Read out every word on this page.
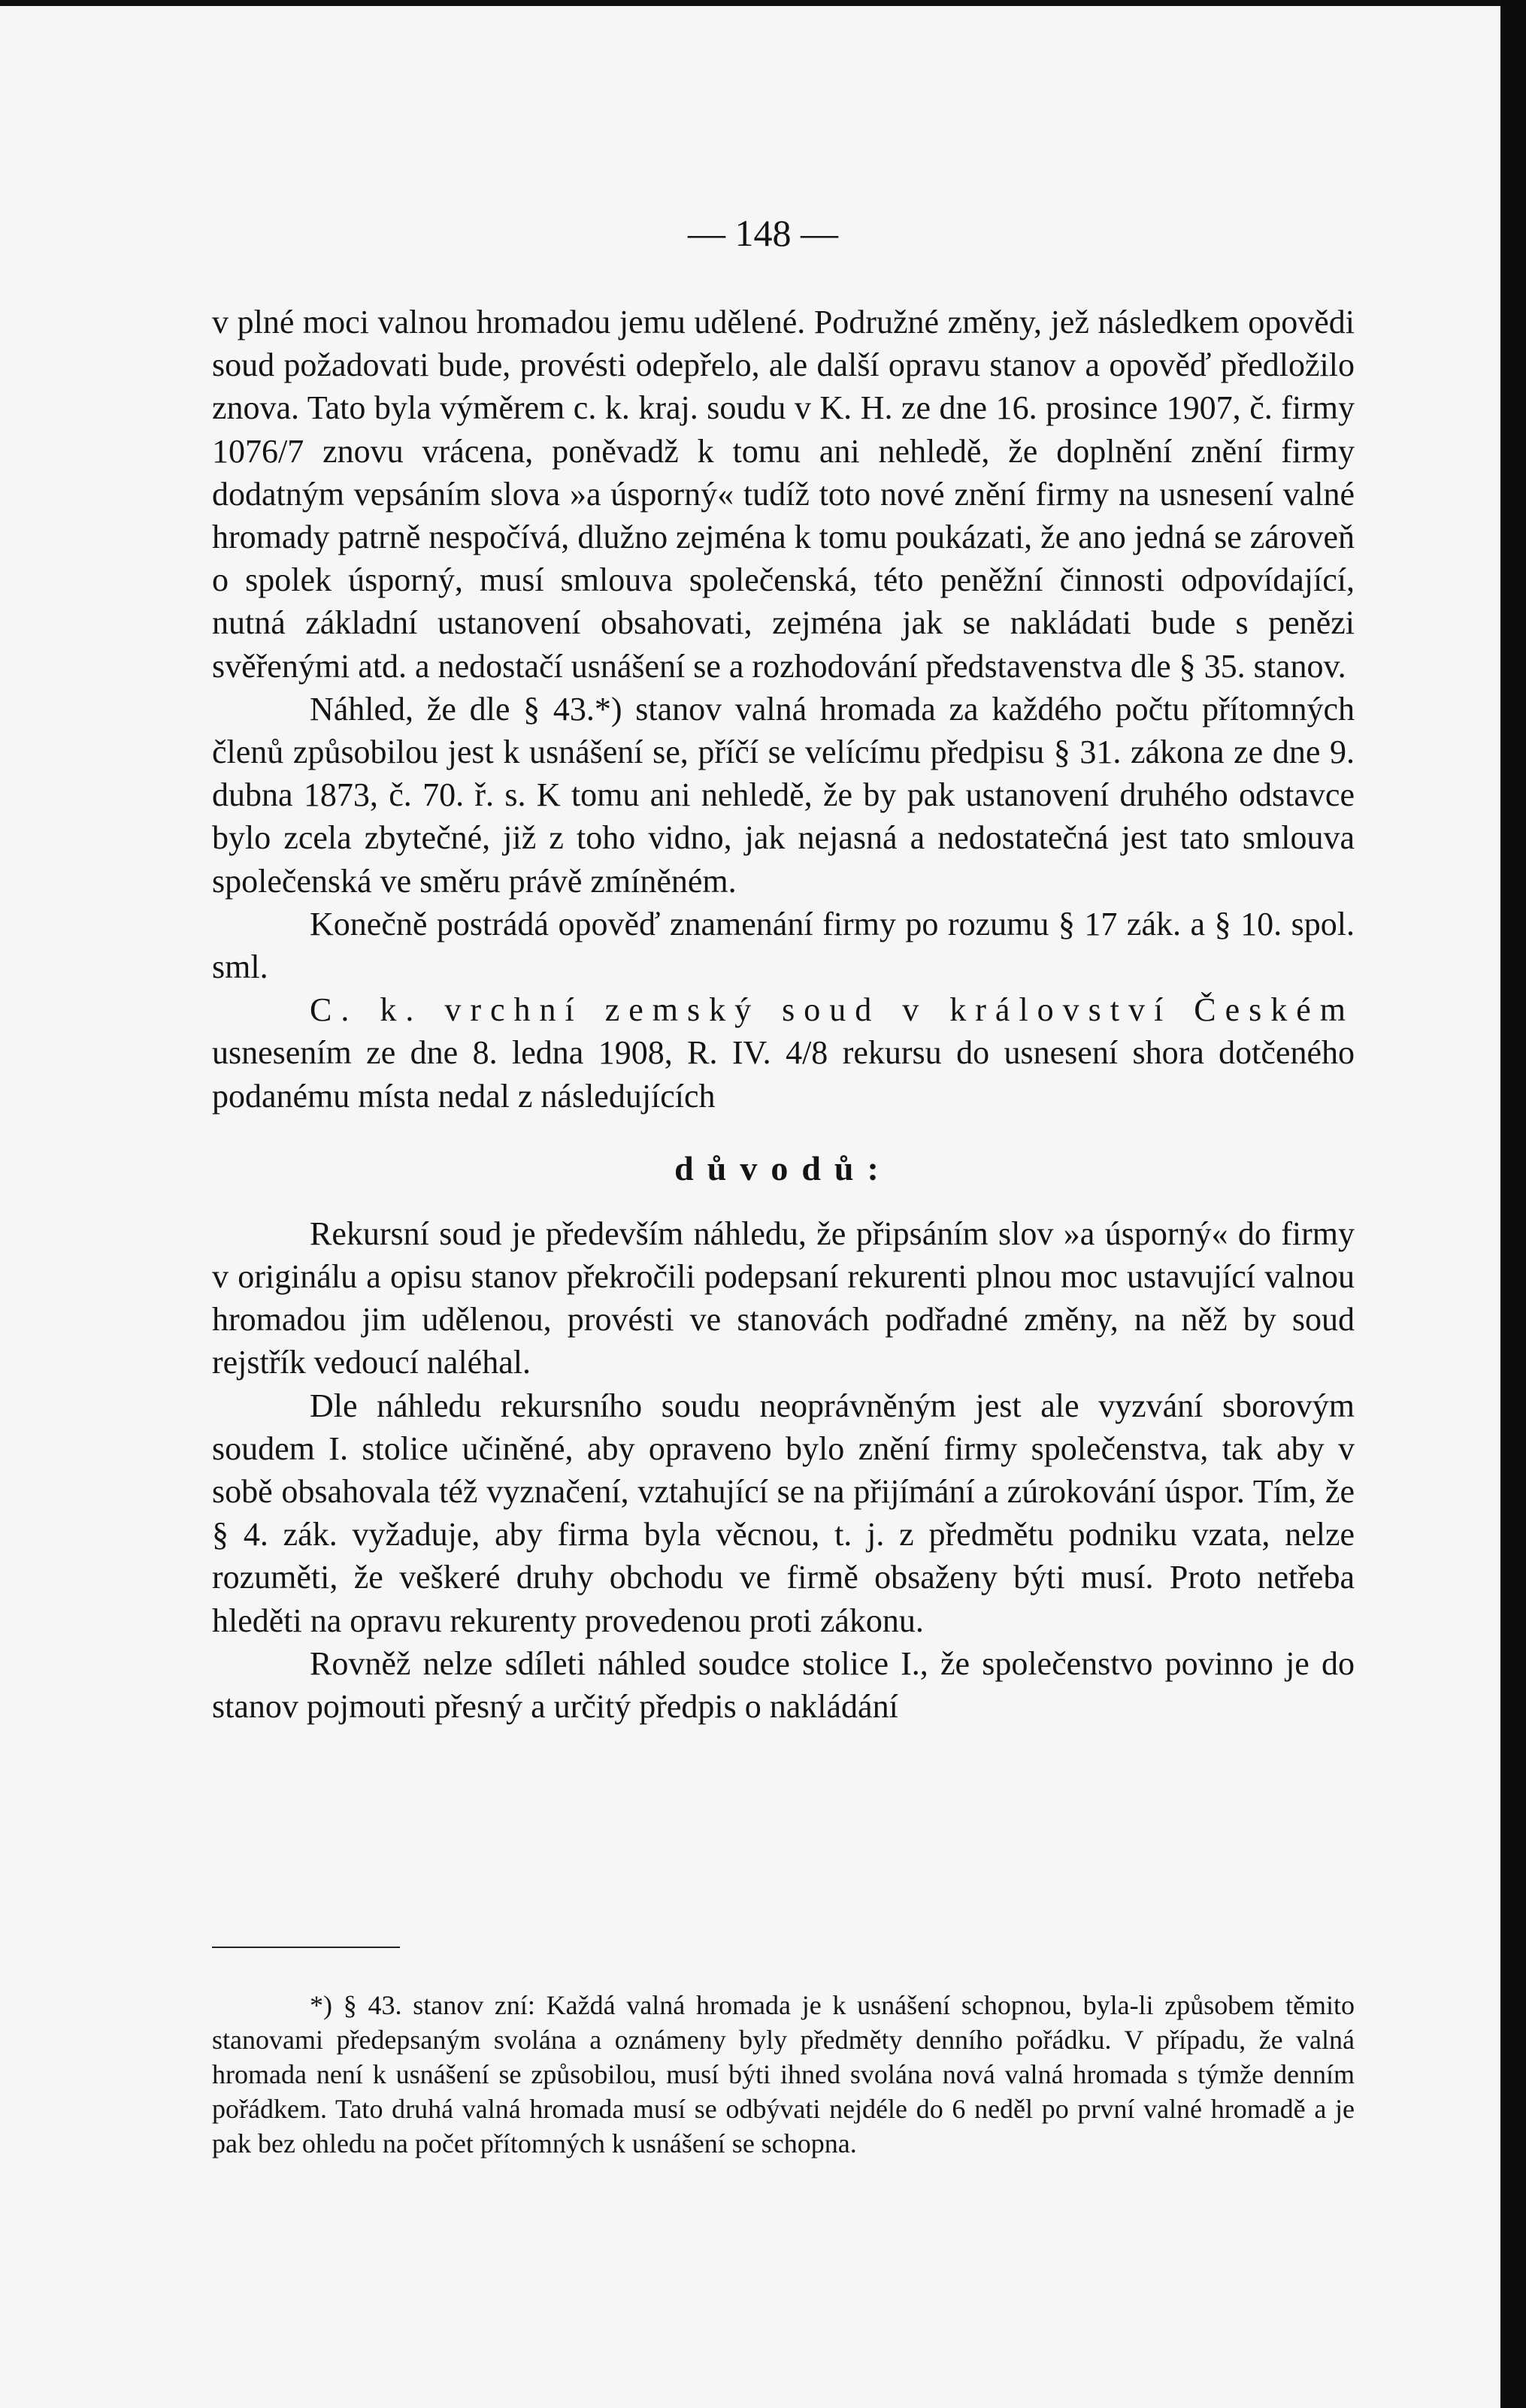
— 148 —

v plné moci valnou hromadou jemu udělené. Podružné změny, jež následkem opovědi soud požadovati bude, provésti odepřelo, ale další opravu stanov a opověď předložilo znova. Tato byla výměrem c. k. kraj. soudu v K. H. ze dne 16. prosince 1907, č. firmy 1076/7 znovu vrácena, poněvadž k tomu ani nehledě, že doplnění znění firmy dodatným vepsáním slova »a úsporný« tudíž toto nové znění firmy na usnesení valné hromady patrně nespočívá, dlužno zejména k tomu poukázati, že ano jedná se zároveň o spolek úsporný, musí smlouva společenská, této peněžní činnosti odpovídající, nutná základní ustanovení obsahovati, zejména jak se nakládati bude s penězi svěřenými atd. a nedostačí usnášení se a rozhodování představenstva dle § 35. stanov.

Náhled, že dle § 43.*) stanov valná hromada za každého počtu přítomných členů způsobilou jest k usnášení se, příčí se velícímu předpisu § 31. zákona ze dne 9. dubna 1873, č. 70. ř. s. K tomu ani nehledě, že by pak ustanovení druhého odstavce bylo zcela zbytečné, již z toho vidno, jak nejasná a nedostatečná jest tato smlouva společenská ve směru právě zmíněném.

Konečně postrádá opověď znamenání firmy po rozumu § 17 zák. a § 10. spol. sml.

C. k. vrchní zemský soud v království Českém usnesením ze dne 8. ledna 1908, R. IV. 4/8 rekursu do usnesení shora dotčeného podanému místa nedal z následujících

důvodů:

Rekursní soud je především náhledu, že připsáním slov »a úsporný« do firmy v originálu a opisu stanov překročili podepsaní rekurenti plnou moc ustavující valnou hromadou jim udělenou, provésti ve stanovách podřadné změny, na něž by soud rejstřík vedoucí naléhal.

Dle náhledu rekursního soudu neoprávněným jest ale vyzvání sborovým soudem I. stolice učiněné, aby opraveno bylo znění firmy společenstva, tak aby v sobě obsahovala též vyznačení, vztahující se na přijímání a zúrokování úspor. Tím, že § 4. zák. vyžaduje, aby firma byla věcnou, t. j. z předmětu podniku vzata, nelze rozuměti, že veškeré druhy obchodu ve firmě obsaženy býti musí. Proto netřeba hleděti na opravu rekurenty provedenou proti zákonu.

Rovněž nelze sdíleti náhled soudce stolice I., že společenstvo povinno je do stanov pojmouti přesný a určitý předpis o nakládání

*) § 43. stanov zní: Každá valná hromada je k usnášení schopnou, byla-li způsobem těmito stanovami předepsaným svolána a oznámeny byly předměty denního pořádku. V případu, že valná hromada není k usnášení se způsobilou, musí býti ihned svolána nová valná hromada s týmže denním pořádkem. Tato druhá valná hromada musí se odbývati nejdéle do 6 neděl po první valné hromadě a je pak bez ohledu na počet přítomných k usnášení se schopna.
